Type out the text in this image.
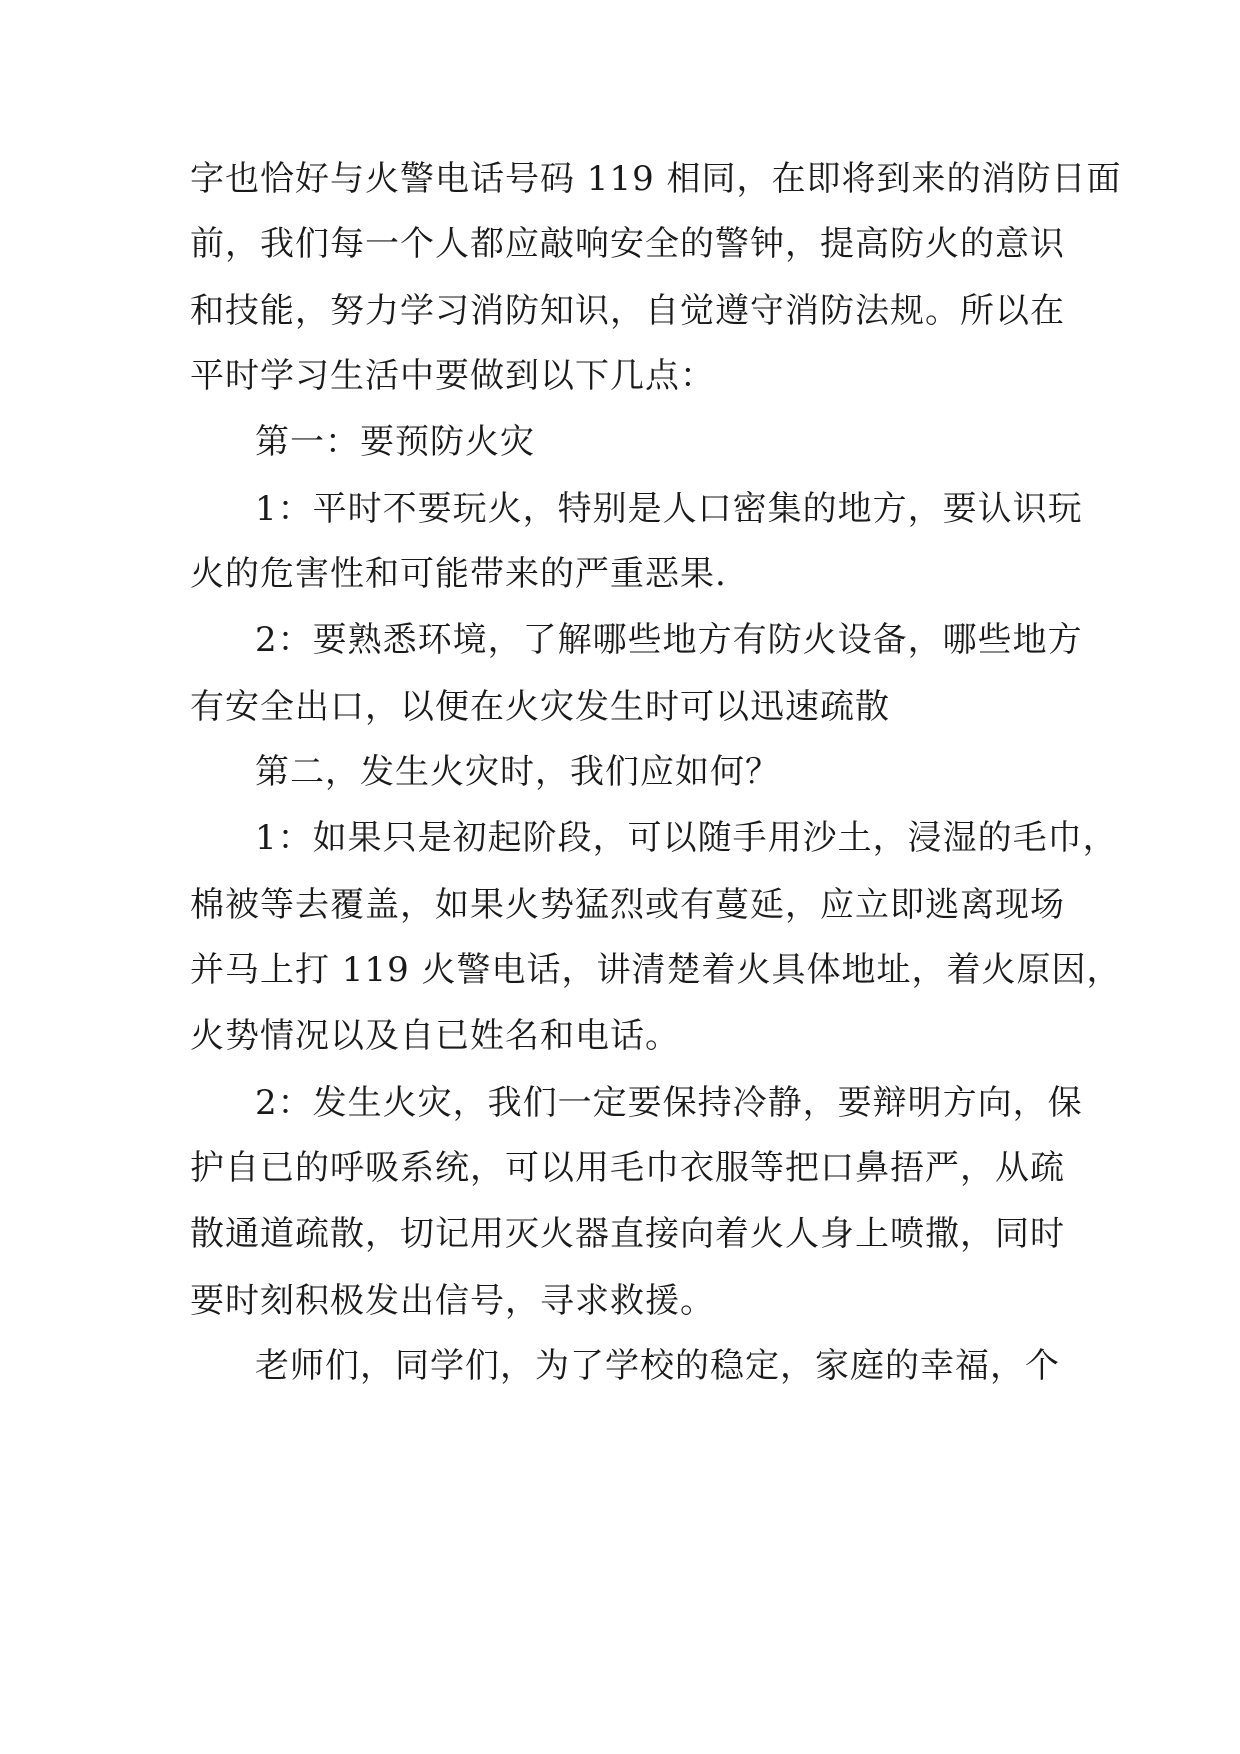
字也恰好与火警电话号码 119 相同，在即将到来的消防日面

前，我们每一个人都应敲响安全的警钟，提高防火的意识

和技能，努力学习消防知识，自觉遵守消防法规。所以在

平时学习生活中要做到以下几点：

第一：要预防火灾

1：平时不要玩火，特别是人口密集的地方，要认识玩

火的危害性和可能带来的严重恶果.

2：要熟悉环境，了解哪些地方有防火设备，哪些地方

有安全出口，以便在火灾发生时可以迅速疏散

第二，发生火灾时，我们应如何？

1：如果只是初起阶段，可以随手用沙土，浸湿的毛巾，

棉被等去覆盖，如果火势猛烈或有蔓延，应立即逃离现场

并马上打 119 火警电话，讲清楚着火具体地址，着火原因，

火势情况以及自已姓名和电话。

2：发生火灾，我们一定要保持冷静，要辩明方向，保

护自已的呼吸系统，可以用毛巾衣服等把口鼻捂严，从疏

散通道疏散，切记用灭火器直接向着火人身上喷撒，同时

要时刻积极发出信号，寻求救援。

老师们，同学们，为了学校的稳定，家庭的幸福，个
